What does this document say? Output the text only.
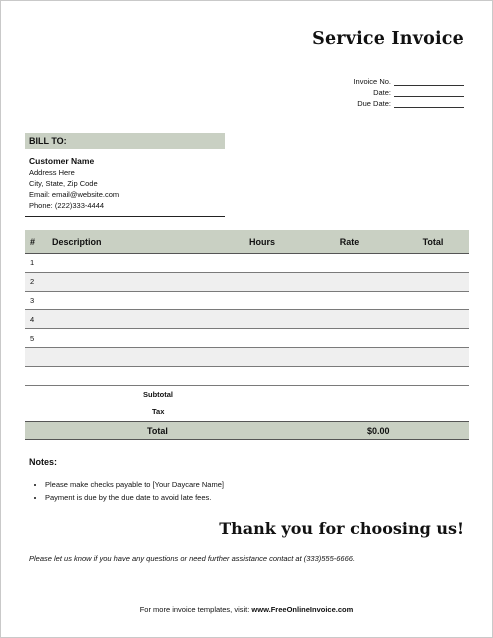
Service Invoice
Invoice No.
Date:
Due Date:
BILL TO:
Customer Name
Address Here
City, State, Zip Code
Email: email@website.com
Phone: (222)333-4444
#	Description	Hours	Rate	Total
1				
2				
3				
4				
5				

Subtotal
Tax
Total	$0.00
Notes:
• Please make checks payable to [Your Daycare Name]
• Payment is due by the due date to avoid late fees.
Thank you for choosing us!
Please let us know if you have any questions or need further assistance contact at (333)555-6666.
For more invoice templates, visit: www.FreeOnlineInvoice.com
